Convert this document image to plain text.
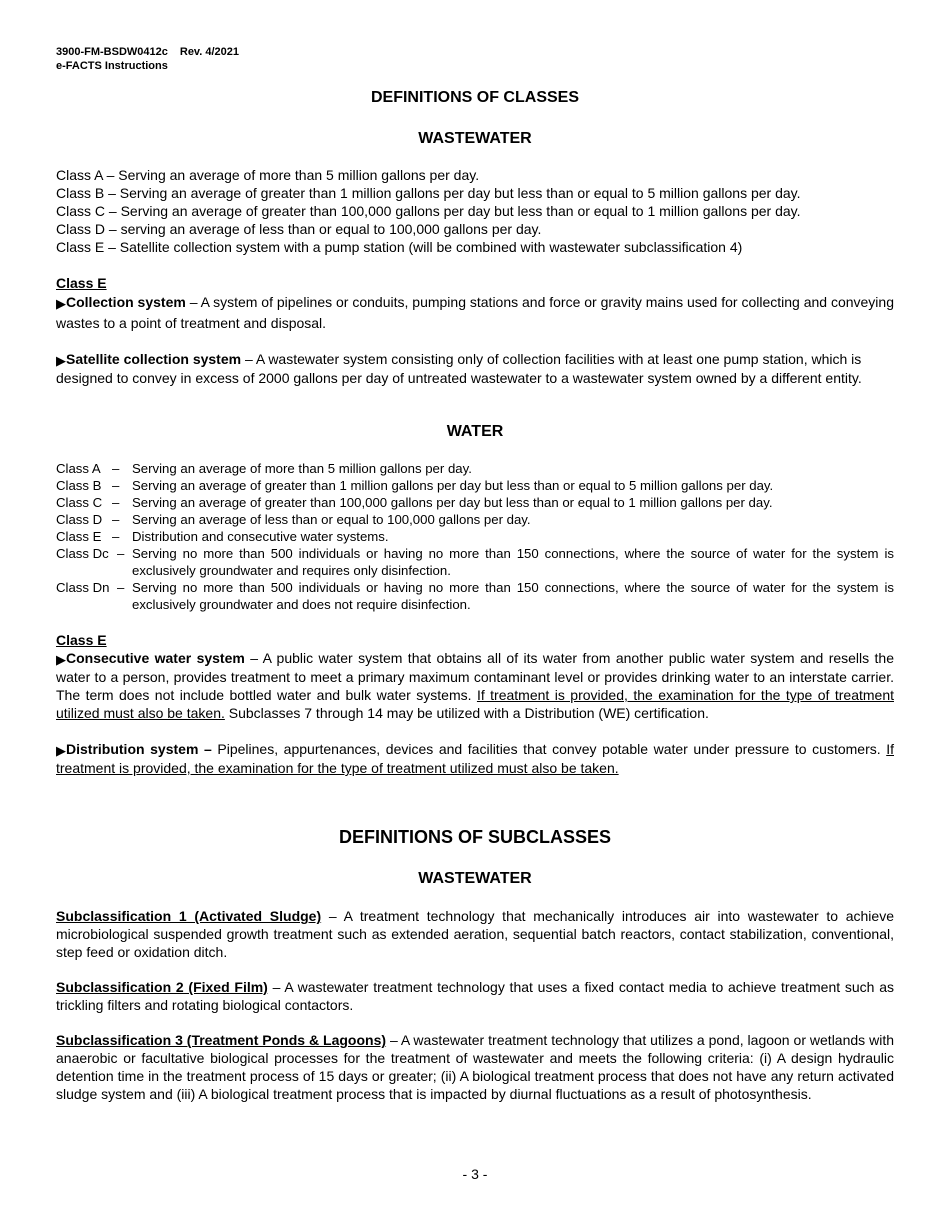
3900-FM-BSDW0412c Rev. 4/2021
e-FACTS Instructions
DEFINITIONS OF CLASSES
WASTEWATER

Class A – Serving an average of more than 5 million gallons per day.

Class B – Serving an average of greater than 1 million gallons per day but less than or equal to 5 million gallons per day.

Class C – Serving an average of greater than 100,000 gallons per day but less than or equal to 1 million gallons per day.

Class D – serving an average of less than or equal to 100,000 gallons per day.

Class E – Satellite collection system with a pump station (will be combined with wastewater subclassification 4)

Class E

▶Collection system – A system of pipelines or conduits, pumping stations and force or gravity mains used for collecting and conveying wastes to a point of treatment and disposal.

▶Satellite collection system – A wastewater system consisting only of collection facilities with at least one pump station, which is designed to convey in excess of 2000 gallons per day of untreated wastewater to a wastewater system owned by a different entity.

WATER
Class A – Serving an average of more than 5 million gallons per day.
Class B – Serving an average of greater than 1 million gallons per day but less than or equal to 5 million gallons per day.
Class C – Serving an average of greater than 100,000 gallons per day but less than or equal to 1 million gallons per day.
Class D – Serving an average of less than or equal to 100,000 gallons per day.
Class E – Distribution and consecutive water systems.
Class Dc – Serving no more than 500 individuals or having no more than 150 connections, where the source of water for the system is exclusively groundwater and requires only disinfection.
Class Dn – Serving no more than 500 individuals or having no more than 150 connections, where the source of water for the system is exclusively groundwater and does not require disinfection.

Class E

▶Consecutive water system – A public water system that obtains all of its water from another public water system and resells the water to a person, provides treatment to meet a primary maximum contaminant level or provides drinking water to an interstate carrier. The term does not include bottled water and bulk water systems. If treatment is provided, the examination for the type of treatment utilized must also be taken. Subclasses 7 through 14 may be utilized with a Distribution (WE) certification.

▶Distribution system – Pipelines, appurtenances, devices and facilities that convey potable water under pressure to customers. If treatment is provided, the examination for the type of treatment utilized must also be taken.

DEFINITIONS OF SUBCLASSES
WASTEWATER

Subclassification 1 (Activated Sludge) – A treatment technology that mechanically introduces air into wastewater to achieve microbiological suspended growth treatment such as extended aeration, sequential batch reactors, contact stabilization, conventional, step feed or oxidation ditch.

Subclassification 2 (Fixed Film) – A wastewater treatment technology that uses a fixed contact media to achieve treatment such as trickling filters and rotating biological contactors.

Subclassification 3 (Treatment Ponds & Lagoons) – A wastewater treatment technology that utilizes a pond, lagoon or wetlands with anaerobic or facultative biological processes for the treatment of wastewater and meets the following criteria: (i) A design hydraulic detention time in the treatment process of 15 days or greater; (ii) A biological treatment process that does not have any return activated sludge system and (iii) A biological treatment process that is impacted by diurnal fluctuations as a result of photosynthesis.

- 3 -
